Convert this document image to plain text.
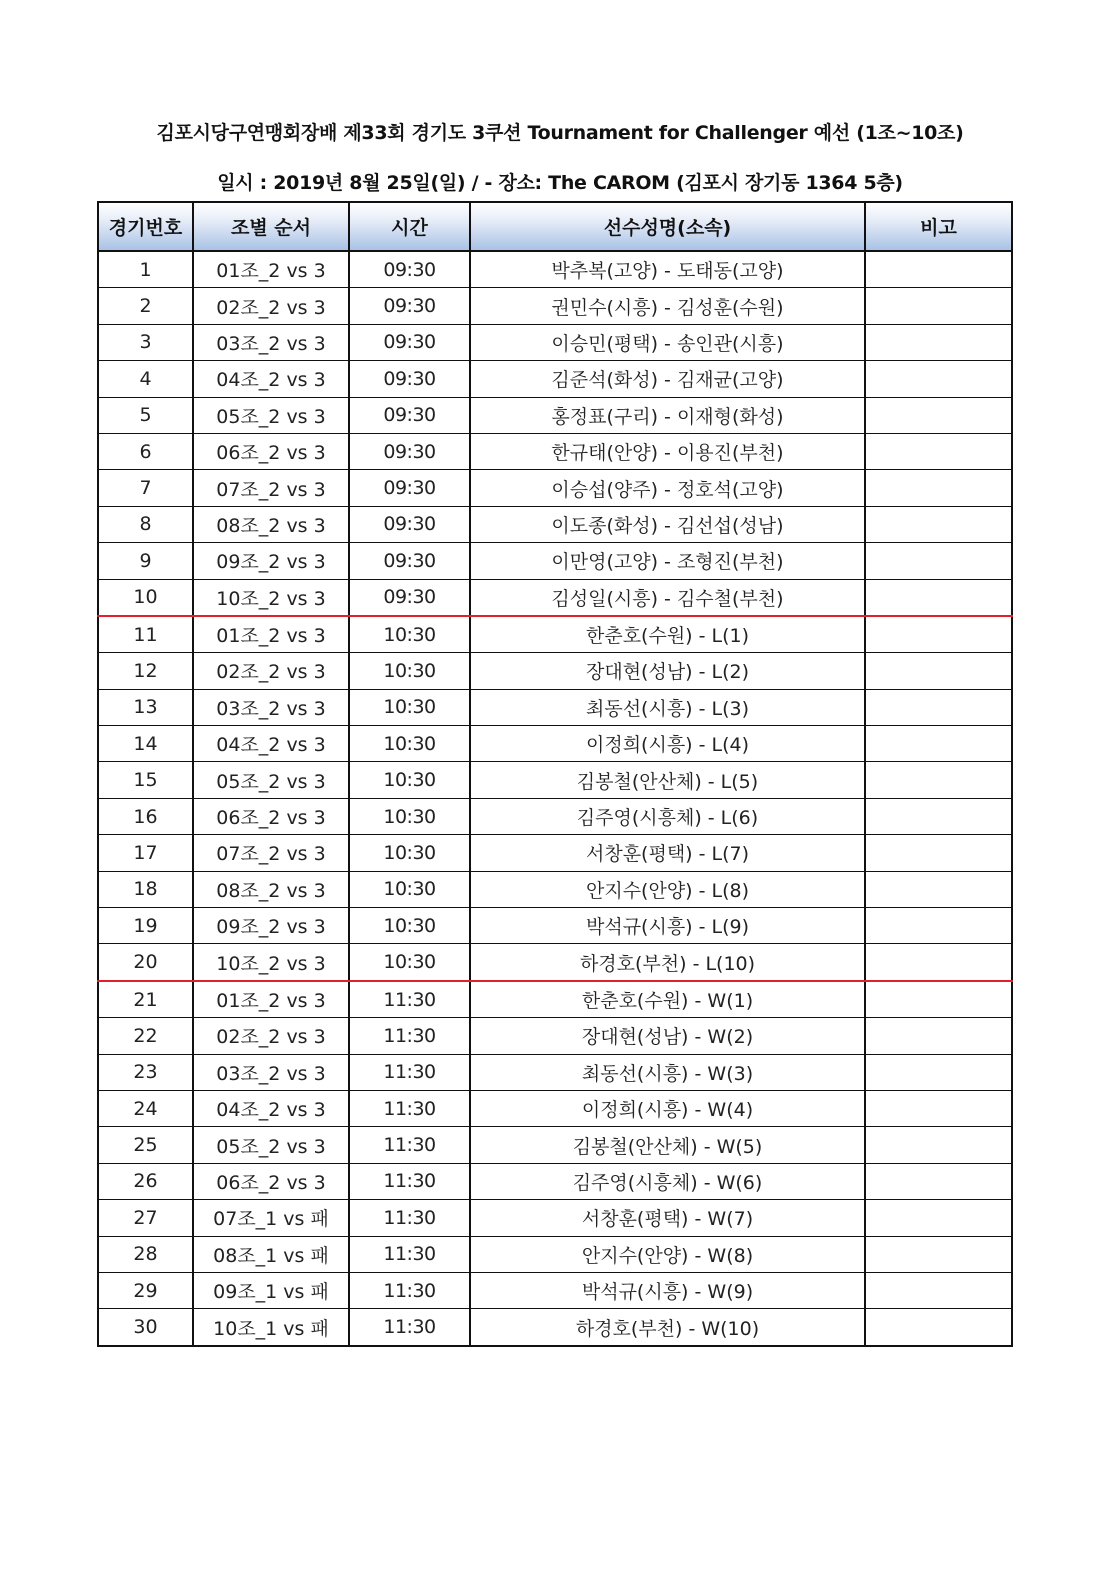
김포시당구연맹회장배 제33회 경기도 3쿠션 Tournament for Challenger 예선 (1조~10조)
일시 : 2019년 8월 25일(일) / - 장소: The CAROM (김포시 장기동 1364 5층)
경기번호	조별 순서	시간	선수성명(소속)	비고
1	01조_2 vs 3	09:30	박추복(고양) - 도태동(고양)	
2	02조_2 vs 3	09:30	권민수(시흥) - 김성훈(수원)	
3	03조_2 vs 3	09:30	이승민(평택) - 송인관(시흥)	
4	04조_2 vs 3	09:30	김준석(화성) - 김재균(고양)	
5	05조_2 vs 3	09:30	홍정표(구리) - 이재형(화성)	
6	06조_2 vs 3	09:30	한규태(안양) - 이용진(부천)	
7	07조_2 vs 3	09:30	이승섭(양주) - 정호석(고양)	
8	08조_2 vs 3	09:30	이도종(화성) - 김선섭(성남)	
9	09조_2 vs 3	09:30	이만영(고양) - 조형진(부천)	
10	10조_2 vs 3	09:30	김성일(시흥) - 김수철(부천)	
11	01조_2 vs 3	10:30	한춘호(수원) - L(1)	
12	02조_2 vs 3	10:30	장대현(성남) - L(2)	
13	03조_2 vs 3	10:30	최동선(시흥) - L(3)	
14	04조_2 vs 3	10:30	이정희(시흥) - L(4)	
15	05조_2 vs 3	10:30	김봉철(안산체) - L(5)	
16	06조_2 vs 3	10:30	김주영(시흥체) - L(6)	
17	07조_2 vs 3	10:30	서창훈(평택) - L(7)	
18	08조_2 vs 3	10:30	안지수(안양) - L(8)	
19	09조_2 vs 3	10:30	박석규(시흥) - L(9)	
20	10조_2 vs 3	10:30	하경호(부천) - L(10)	
21	01조_2 vs 3	11:30	한춘호(수원) - W(1)	
22	02조_2 vs 3	11:30	장대현(성남) - W(2)	
23	03조_2 vs 3	11:30	최동선(시흥) - W(3)	
24	04조_2 vs 3	11:30	이정희(시흥) - W(4)	
25	05조_2 vs 3	11:30	김봉철(안산체) - W(5)	
26	06조_2 vs 3	11:30	김주영(시흥체) - W(6)	
27	07조_1 vs 패	11:30	서창훈(평택) - W(7)	
28	08조_1 vs 패	11:30	안지수(안양) - W(8)	
29	09조_1 vs 패	11:30	박석규(시흥) - W(9)	
30	10조_1 vs 패	11:30	하경호(부천) - W(10)	
